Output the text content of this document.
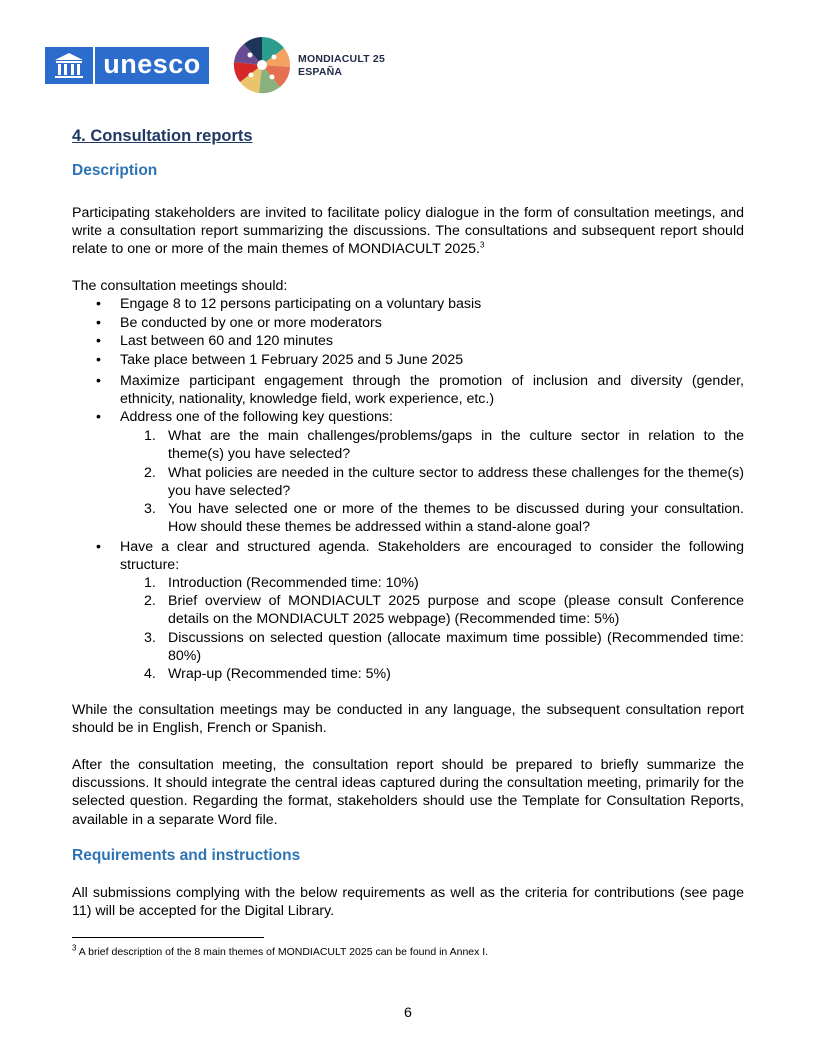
unesco	MONDIACULT 25
ESPAÑA
4. Consultation reports
Description
Participating stakeholders are invited to facilitate policy dialogue in the form of consultation meetings, and write a consultation report summarizing the discussions. The consultations and subsequent report should relate to one or more of the main themes of MONDIACULT 2025.$^3$
The consultation meetings should:
• Engage 8 to 12 persons participating on a voluntary basis
• Be conducted by one or more moderators
• Last between 60 and 120 minutes
• Take place between 1 February 2025 and 5 June 2025
• Maximize participant engagement through the promotion of inclusion and diversity (gender, ethnicity, nationality, knowledge field, work experience, etc.)
• Address one of the following key questions:
1. What are the main challenges/problems/gaps in the culture sector in relation to the theme(s) you have selected?
2. What policies are needed in the culture sector to address these challenges for the theme(s) you have selected?
3. You have selected one or more of the themes to be discussed during your consultation. How should these themes be addressed within a stand-alone goal?
• Have a clear and structured agenda. Stakeholders are encouraged to consider the following structure:
1. Introduction (Recommended time: 10%)
2. Brief overview of MONDIACULT 2025 purpose and scope (please consult Conference details on the MONDIACULT 2025 webpage) (Recommended time: 5%)
3. Discussions on selected question (allocate maximum time possible) (Recommended time: 80%)
4. Wrap-up (Recommended time: 5%)
While the consultation meetings may be conducted in any language, the subsequent consultation report should be in English, French or Spanish.
After the consultation meeting, the consultation report should be prepared to briefly summarize the discussions. It should integrate the central ideas captured during the consultation meeting, primarily for the selected question. Regarding the format, stakeholders should use the Template for Consultation Reports, available in a separate Word file.
Requirements and instructions
All submissions complying with the below requirements as well as the criteria for contributions (see page 11) will be accepted for the Digital Library.
$^3$ A brief description of the 8 main themes of MONDIACULT 2025 can be found in Annex I.
6
